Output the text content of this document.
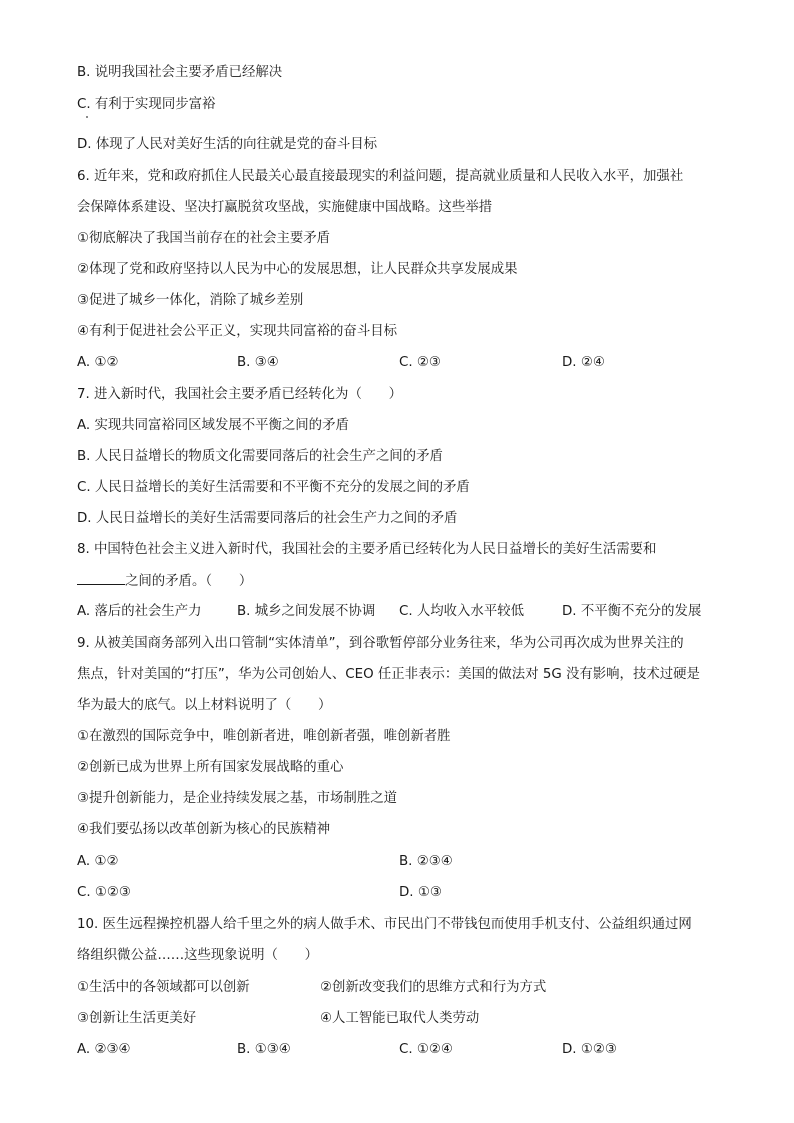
B. 说明我国社会主要矛盾已经解决
C. 有利于实现同步富裕
D. 体现了人民对美好生活的向往就是党的奋斗目标
6. 近年来，党和政府抓住人民最关心最直接最现实的利益问题，提高就业质量和人民收入水平，加强社
会保障体系建设、坚决打赢脱贫攻坚战，实施健康中国战略。这些举措
①彻底解决了我国当前存在的社会主要矛盾
②体现了党和政府坚持以人民为中心的发展思想，让人民群众共享发展成果
③促进了城乡一体化，消除了城乡差别
④有利于促进社会公平正义，实现共同富裕的奋斗目标
A. ①②	B. ③④	C. ②③	D. ②④
7. 进入新时代，我国社会主要矛盾已经转化为（　　）
A. 实现共同富裕同区域发展不平衡之间的矛盾
B. 人民日益增长的物质文化需要同落后的社会生产之间的矛盾
C. 人民日益增长的美好生活需要和不平衡不充分的发展之间的矛盾
D. 人民日益增长的美好生活需要同落后的社会生产力之间的矛盾
8. 中国特色社会主义进入新时代，我国社会的主要矛盾已经转化为人民日益增长的美好生活需要和
之间的矛盾。（　　）
A. 落后的社会生产力	B. 城乡之间发展不协调 C. 人均收入水平较低	D. 不平衡不充分的发展
9. 从被美国商务部列入出口管制“实体清单”，到谷歌暂停部分业务往来，华为公司再次成为世界关注的
焦点，针对美国的“打压”，华为公司创始人、CEO 任正非表示：美国的做法对 5G 没有影响，技术过硬是
华为最大的底气。以上材料说明了（　　）
①在激烈的国际竞争中，唯创新者进，唯创新者强，唯创新者胜
②创新已成为世界上所有国家发展战略的重心
③提升创新能力，是企业持续发展之基，市场制胜之道
④我们要弘扬以改革创新为核心的民族精神
A. ①②	B. ②③④
C. ①②③	D. ①③
10. 医生远程操控机器人给千里之外的病人做手术、市民出门不带钱包而使用手机支付、公益组织通过网
络组织微公益……这些现象说明（　　）
①生活中的各领域都可以创新	②创新改变我们的思维方式和行为方式
③创新让生活更美好	④人工智能已取代人类劳动
A. ②③④	B. ①③④	C. ①②④	D. ①②③
